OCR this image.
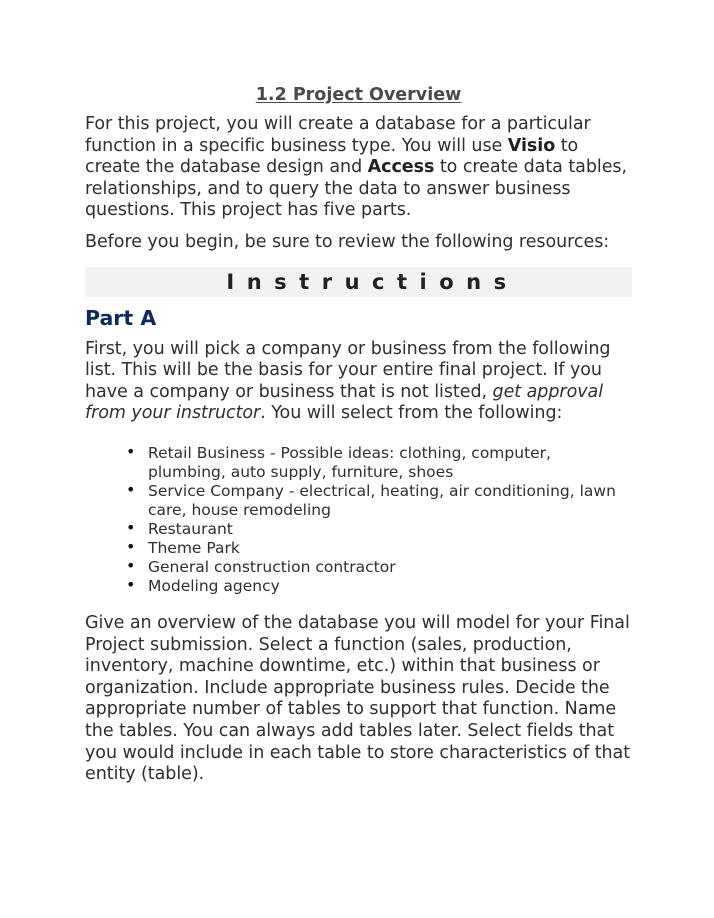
1.2 Project Overview

For this project, you will create a database for a particular function in a specific business type. You will use Visio to create the database design and Access to create data tables, relationships, and to query the data to answer business questions. This project has five parts.

Before you begin, be sure to review the following resources:

Instructions
Part A

First, you will pick a company or business from the following list. This will be the basis for your entire final project. If you have a company or business that is not listed, get approval from your instructor. You will select from the following:

• Retail Business - Possible ideas: clothing, computer, plumbing, auto supply, furniture, shoes
• Service Company - electrical, heating, air conditioning, lawn care, house remodeling
• Restaurant
• Theme Park
• General construction contractor
• Modeling agency

Give an overview of the database you will model for your Final Project submission. Select a function (sales, production, inventory, machine downtime, etc.) within that business or organization. Include appropriate business rules. Decide the appropriate number of tables to support that function. Name the tables. You can always add tables later. Select fields that you would include in each table to store characteristics of that entity (table).
